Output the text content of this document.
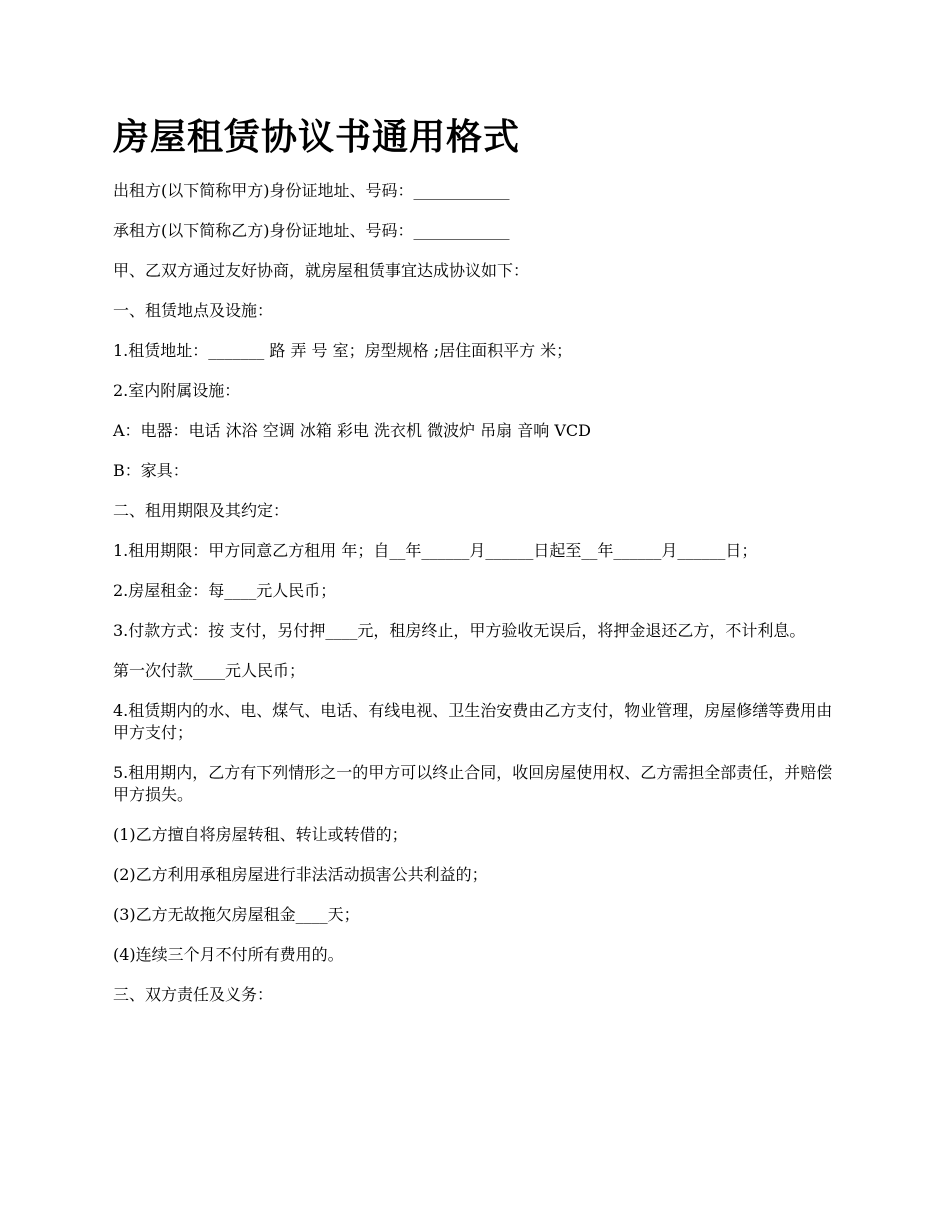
房屋租赁协议书通用格式

出租方(以下简称甲方)身份证地址、号码：____________

承租方(以下简称乙方)身份证地址、号码：____________

甲、乙双方通过友好协商，就房屋租赁事宜达成协议如下：

一、租赁地点及设施：

1.租赁地址：_______ 路 弄 号 室；房型规格 ;居住面积平方 米；

2.室内附属设施：

A：电器：电话 沐浴 空调 冰箱 彩电 洗衣机 微波炉 吊扇 音响 VCD

B：家具：

二、租用期限及其约定：

1.租用期限：甲方同意乙方租用 年；自__年______月______日起至__年______月______日；

2.房屋租金：每____元人民币；

3.付款方式：按 支付，另付押____元，租房终止，甲方验收无误后，将押金退还乙方，不计利息。

第一次付款____元人民币；

4.租赁期内的水、电、煤气、电话、有线电视、卫生治安费由乙方支付，物业管理，房屋修缮等费用由甲方支付；

5.租用期内，乙方有下列情形之一的甲方可以终止合同，收回房屋使用权、乙方需担全部责任，并赔偿甲方损失。

(1)乙方擅自将房屋转租、转让或转借的；

(2)乙方利用承租房屋进行非法活动损害公共利益的；

(3)乙方无故拖欠房屋租金____天；

(4)连续三个月不付所有费用的。

三、双方责任及义务：
